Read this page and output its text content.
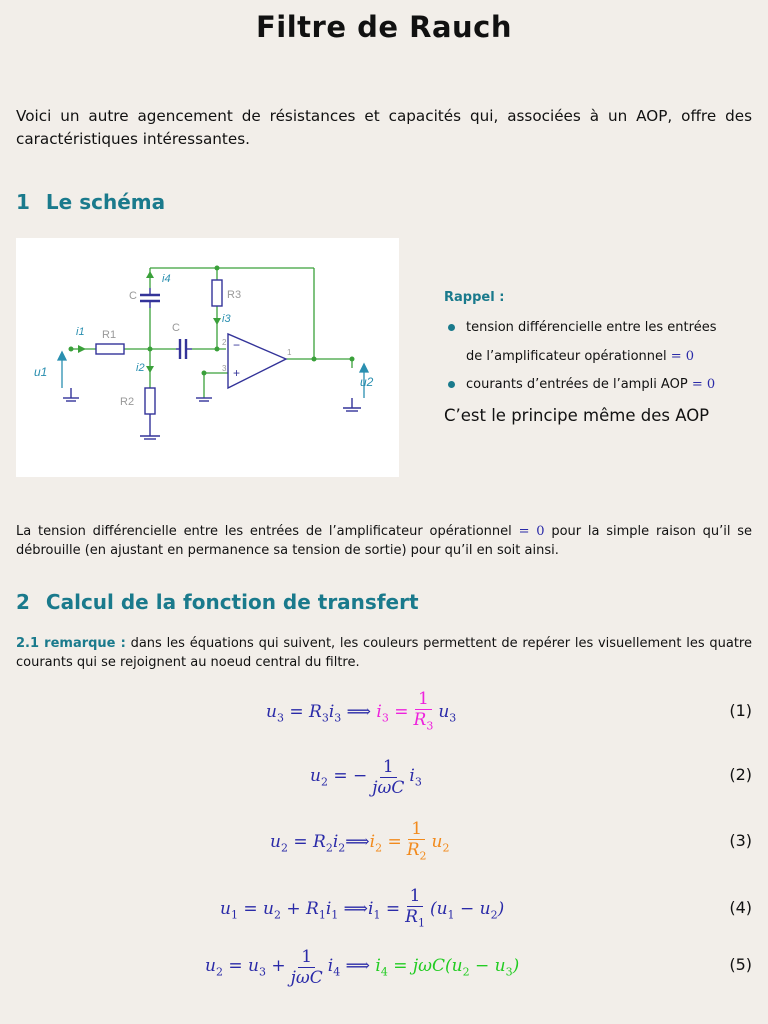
Filtre de Rauch
Voici un autre agencement de résistances et capacités qui, associées à un AOP, offre des caractéristiques intéressantes.
1 Le schéma
i1
i2
i3
i4
u1
u2
R1
R2
R3
C
C
2
3
1
−
+
Rappel :
tension différencielle entre les entrées
de l’amplificateur opérationnel = 0
courants d’entrées de l’ampli AOP = 0
C’est le principe même des AOP
La tension différencielle entre les entrées de l’amplificateur opérationnel = 0 pour la simple raison qu’il se débrouille (en ajustant en permanence sa tension de sortie) pour qu’il en soit ainsi.
2 Calcul de la fonction de transfert
2.1 remarque : dans les équations qui suivent, les couleurs permettent de repérer les visuellement les quatre courants qui se rejoignent au noeud central du filtre.
$u_3 = R_3i_3$ ⟹ $i_3 = \frac{1}{R_3} u_3$	(1)
$u_2$ = − $\frac{1}{\text{jωC}} i_3$	(2)
$u_2$ = $R_2i_2⟹$ $i_2 = \frac{1}{R_2} u_2$	(3)
$u_1 = u_2 + R_1i_1$ $⟹i_1 = \frac{1}{R_1} (u_1 - u_2)$	(4)
$u_2 = u_3 + \frac{1}{\text{jωC}} i_4$ ⟹ $i_4 = j\omega C(u_2 - u_3)$	(5)
